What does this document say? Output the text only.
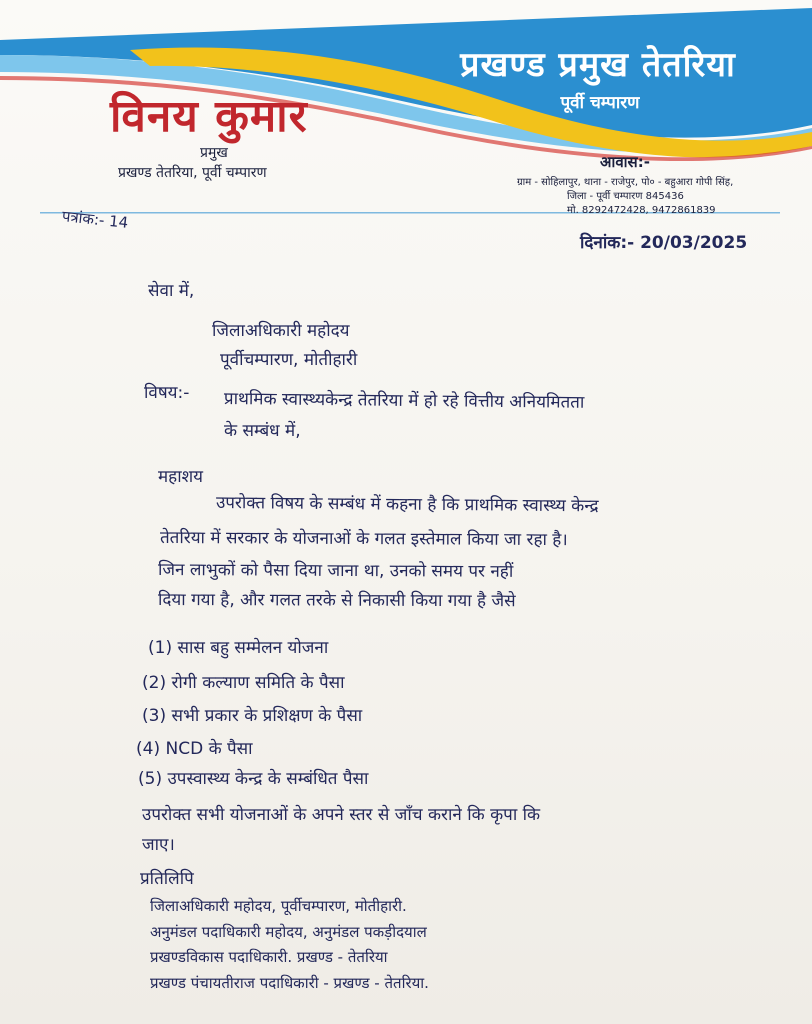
प्रखण्ड प्रमुख तेतरिया
पूर्वी चम्पारण
विनय कुमार
प्रमुख
प्रखण्ड तेतरिया, पूर्वी चम्पारण
आवास:-
ग्राम - सोहिलापुर, थाना - राजेपुर, पो० - बहुआरा गोपी सिंह,
जिला - पूर्वी चम्पारण 845436
मो. 8292472428, 9472861839
पत्रांक:- 14
दिनांक:- 20/03/2025
सेवा में,
जिलाअधिकारी महोदय
पूर्वीचम्पारण, मोतीहारी
विषय:- प्राथमिक स्वास्थ्यकेन्द्र तेतरिया में हो रहे वित्तीय अनियमितता
के सम्बंध में,
महाशय
उपरोक्त विषय के सम्बंध में कहना है कि प्राथमिक स्वास्थ्य केन्द्र
तेतरिया में सरकार के योजनाओं के गलत इस्तेमाल किया जा रहा है।
जिन लाभुकों को पैसा दिया जाना था, उनको समय पर नहीं
दिया गया है, और गलत तरके से निकासी किया गया है जैसे
(1) सास बहु सम्मेलन योजना
(2) रोगी कल्याण समिति के पैसा
(3) सभी प्रकार के प्रशिक्षण के पैसा
(4) NCD के पैसा
(5) उपस्वास्थ्य केन्द्र के सम्बंधित पैसा
उपरोक्त सभी योजनाओं के अपने स्तर से जाँच कराने कि कृपा कि
जाए।
प्रतिलिपि
जिलाअधिकारी महोदय, पूर्वीचम्पारण, मोतीहारी.
अनुमंडल पदाधिकारी महोदय, अनुमंडल पकड़ीदयाल
प्रखण्डविकास पदाधिकारी. प्रखण्ड - तेतरिया
प्रखण्ड पंचायतीराज पदाधिकारी - प्रखण्ड - तेतरिया.
